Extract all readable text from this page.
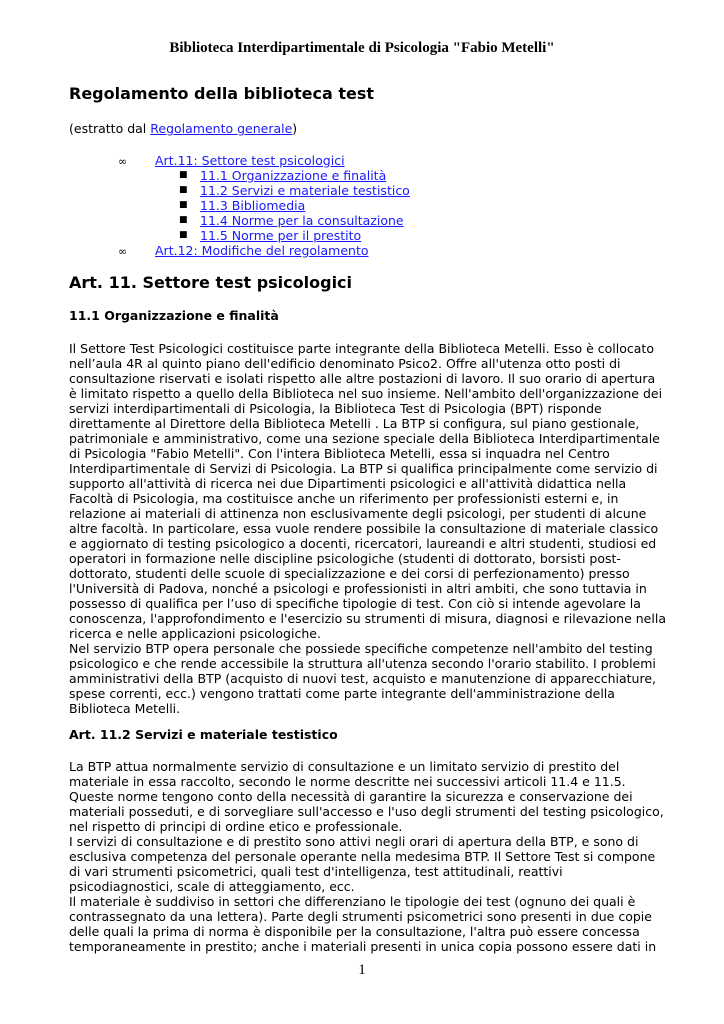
Biblioteca Interdipartimentale di Psicologia "Fabio Metelli"
Regolamento della biblioteca test
(estratto dal Regolamento generale)
∞ Art.11: Settore test psicologici
■ 11.1 Organizzazione e finalità
■ 11.2 Servizi e materiale testistico
■ 11.3 Bibliomedia
■ 11.4 Norme per la consultazione
■ 11.5 Norme per il prestito
∞ Art.12: Modifiche del regolamento
Art. 11. Settore test psicologici
11.1 Organizzazione e finalità

Il Settore Test Psicologici costituisce parte integrante della Biblioteca Metelli. Esso è collocato
nell’aula 4R al quinto piano dell'edificio denominato Psico2. Offre all'utenza otto posti di
consultazione riservati e isolati rispetto alle altre postazioni di lavoro. Il suo orario di apertura
è limitato rispetto a quello della Biblioteca nel suo insieme. Nell'ambito dell'organizzazione dei
servizi interdipartimentali di Psicologia, la Biblioteca Test di Psicologia (BPT) risponde
direttamente al Direttore della Biblioteca Metelli . La BTP si configura, sul piano gestionale,
patrimoniale e amministrativo, come una sezione speciale della Biblioteca Interdipartimentale
di Psicologia "Fabio Metelli". Con l'intera Biblioteca Metelli, essa si inquadra nel Centro
Interdipartimentale di Servizi di Psicologia. La BTP si qualifica principalmente come servizio di
supporto all'attività di ricerca nei due Dipartimenti psicologici e all'attività didattica nella
Facoltà di Psicologia, ma costituisce anche un riferimento per professionisti esterni e, in
relazione ai materiali di attinenza non esclusivamente degli psicologi, per studenti di alcune
altre facoltà. In particolare, essa vuole rendere possibile la consultazione di materiale classico
e aggiornato di testing psicologico a docenti, ricercatori, laureandi e altri studenti, studiosi ed
operatori in formazione nelle discipline psicologiche (studenti di dottorato, borsisti post-
dottorato, studenti delle scuole di specializzazione e dei corsi di perfezionamento) presso
l'Università di Padova, nonché a psicologi e professionisti in altri ambiti, che sono tuttavia in
possesso di qualifica per l’uso di specifiche tipologie di test. Con ciò si intende agevolare la
conoscenza, l'approfondimento e l'esercizio su strumenti di misura, diagnosi e rilevazione nella
ricerca e nelle applicazioni psicologiche.
Nel servizio BTP opera personale che possiede specifiche competenze nell'ambito del testing
psicologico e che rende accessibile la struttura all'utenza secondo l'orario stabilito. I problemi
amministrativi della BTP (acquisto di nuovi test, acquisto e manutenzione di apparecchiature,
spese correnti, ecc.) vengono trattati come parte integrante dell'amministrazione della
Biblioteca Metelli.

Art. 11.2 Servizi e materiale testistico

La BTP attua normalmente servizio di consultazione e un limitato servizio di prestito del
materiale in essa raccolto, secondo le norme descritte nei successivi articoli 11.4 e 11.5.
Queste norme tengono conto della necessità di garantire la sicurezza e conservazione dei
materiali posseduti, e di sorvegliare sull'accesso e l'uso degli strumenti del testing psicologico,
nel rispetto di principi di ordine etico e professionale.
I servizi di consultazione e di prestito sono attivi negli orari di apertura della BTP, e sono di
esclusiva competenza del personale operante nella medesima BTP. Il Settore Test si compone
di vari strumenti psicometrici, quali test d'intelligenza, test attitudinali, reattivi
psicodiagnostici, scale di atteggiamento, ecc.
Il materiale è suddiviso in settori che differenziano le tipologie dei test (ognuno dei quali è
contrassegnato da una lettera). Parte degli strumenti psicometrici sono presenti in due copie
delle quali la prima di norma è disponibile per la consultazione, l'altra può essere concessa
temporaneamente in prestito; anche i materiali presenti in unica copia possono essere dati in

1
